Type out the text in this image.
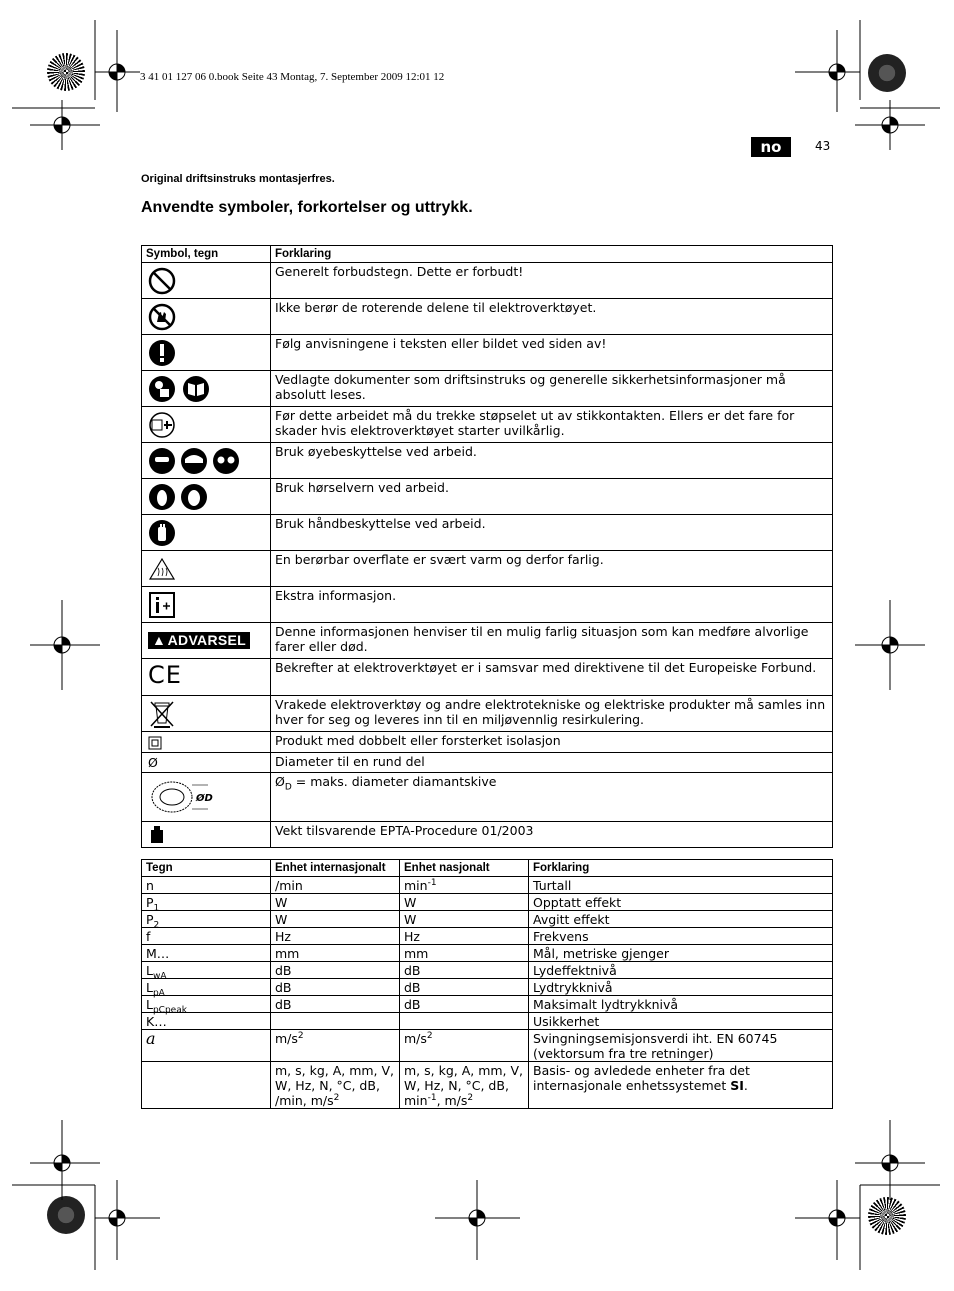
3 41 01 127 06 0.book Seite 43 Montag, 7. September 2009 12:01 12
no	43
Original driftsinstruks montasjerfres.
Anvendte symboler, forkortelser og uttrykk.
Symbol, tegn	Forklaring
	Generelt forbudstegn. Dette er forbudt!
	Ikke berør de roterende delene til elektroverktøyet.
	Følg anvisningene i teksten eller bildet ved siden av!
	Vedlagte dokumenter som driftsinstruks og generelle sikkerhetsinformasjoner må absolutt leses.
	Før dette arbeidet må du trekke støpselet ut av stikkontakten. Ellers er det fare for skader hvis elektroverktøyet starter uvilkårlig.
	Bruk øyebeskyttelse ved arbeid.
	Bruk hørselvern ved arbeid.
	Bruk håndbeskyttelse ved arbeid.
	En berørbar overflate er svært varm og derfor farlig.
	Ekstra informasjon.
▲ ADVARSEL	Denne informasjonen henviser til en mulig farlig situasjon som kan medføre alvorlige farer eller død.
CE	Bekrefter at elektroverktøyet er i samsvar med direktivene til det Europeiske Forbund.
	Vrakede elektroverktøy og andre elektrotekniske og elektriske produkter må samles inn hver for seg og leveres inn til en miljøvennlig resirkulering.
	Produkt med dobbelt eller forsterket isolasjon
Ø	Diameter til en rund del

ØD	$Ø_D$ = maks. diameter diamantskive
	Vekt tilsvarende EPTA-Procedure 01/2003
Tegn	Enhet internasjonalt	Enhet nasjonalt	Forklaring
n	/min	$\min^{-1}$	Turtall
$P_1$	W	W	Opptatt effekt
$P_2$	W	W	Avgitt effekt
f	Hz	Hz	Frekvens
M…	mm	mm	Mål, metriske gjenger
$L_{wA}$	dB	dB	Lydeffektnivå
$L_{pA}$	dB	dB	Lydtrykknivå
$L_{pCpeak}$	dB	dB	Maksimalt lydtrykknivå
K…			Usikkerhet
a	$m/s^2$	$m/s^2$	Svingningsemisjonsverdi iht. EN 60745 (vektorsum fra tre retninger)
	m, s, kg, A, mm, V, W, Hz, N, °C, dB, /min, $m/s^2$	m, s, kg, A, mm, V, W, Hz, N, °C, dB, $\min^{-1}$, $m/s^2$	Basis- og avledede enheter fra det internasjonale enhetssystemet SI.
